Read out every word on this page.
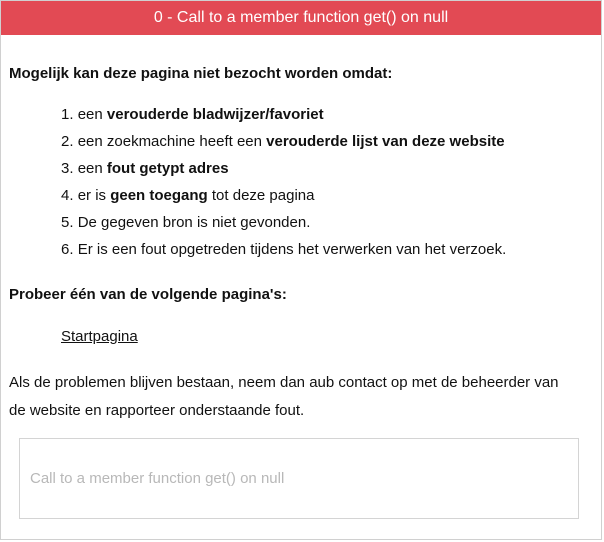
0 - Call to a member function get() on null

Mogelijk kan deze pagina niet bezocht worden omdat:

1. een verouderde bladwijzer/favoriet
2. een zoekmachine heeft een verouderde lijst van deze website
3. een fout getypt adres
4. er is geen toegang tot deze pagina
5. De gegeven bron is niet gevonden.
6. Er is een fout opgetreden tijdens het verwerken van het verzoek.

Probeer één van de volgende pagina's:

Startpagina

Als de problemen blijven bestaan, neem dan aub contact op met de beheerder van de website en rapporteer onderstaande fout.

Call to a member function get() on null
